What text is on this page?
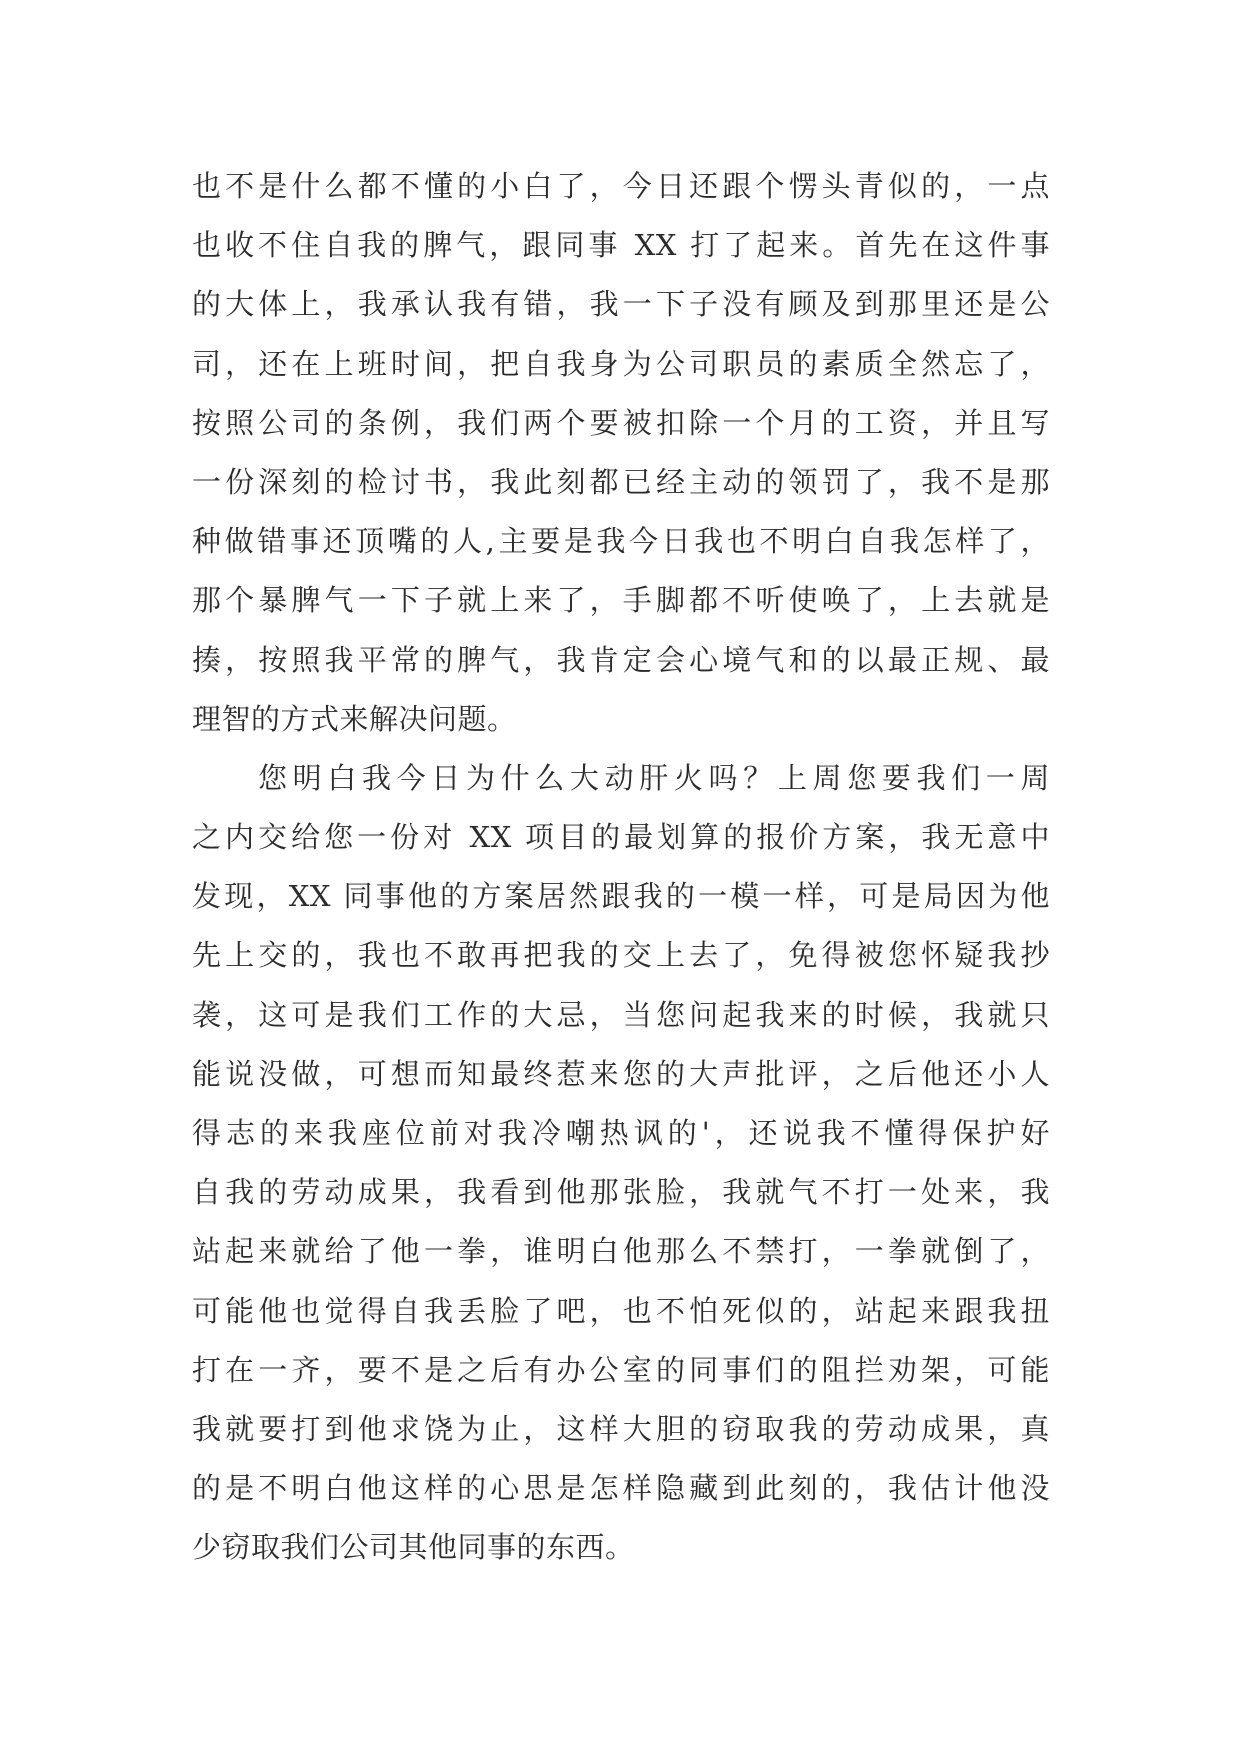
也不是什么都不懂的小白了，今日还跟个愣头青似的，一点
也收不住自我的脾气，跟同事 XX 打了起来。首先在这件事
的大体上，我承认我有错，我一下子没有顾及到那里还是公
司，还在上班时间，把自我身为公司职员的素质全然忘了，
按照公司的条例，我们两个要被扣除一个月的工资，并且写
一份深刻的检讨书，我此刻都已经主动的领罚了，我不是那
种做错事还顶嘴的人,主要是我今日我也不明白自我怎样了，
那个暴脾气一下子就上来了，手脚都不听使唤了，上去就是
揍，按照我平常的脾气，我肯定会心境气和的以最正规、最
理智的方式来解决问题。
您明白我今日为什么大动肝火吗？上周您要我们一周
之内交给您一份对 XX 项目的最划算的报价方案，我无意中
发现，XX 同事他的方案居然跟我的一模一样，可是局因为他
先上交的，我也不敢再把我的交上去了，免得被您怀疑我抄
袭，这可是我们工作的大忌，当您问起我来的时候，我就只
能说没做，可想而知最终惹来您的大声批评，之后他还小人
得志的来我座位前对我冷嘲热讽的'，还说我不懂得保护好
自我的劳动成果，我看到他那张脸，我就气不打一处来，我
站起来就给了他一拳，谁明白他那么不禁打，一拳就倒了，
可能他也觉得自我丢脸了吧，也不怕死似的，站起来跟我扭
打在一齐，要不是之后有办公室的同事们的阻拦劝架，可能
我就要打到他求饶为止，这样大胆的窃取我的劳动成果，真
的是不明白他这样的心思是怎样隐藏到此刻的，我估计他没
少窃取我们公司其他同事的东西。
